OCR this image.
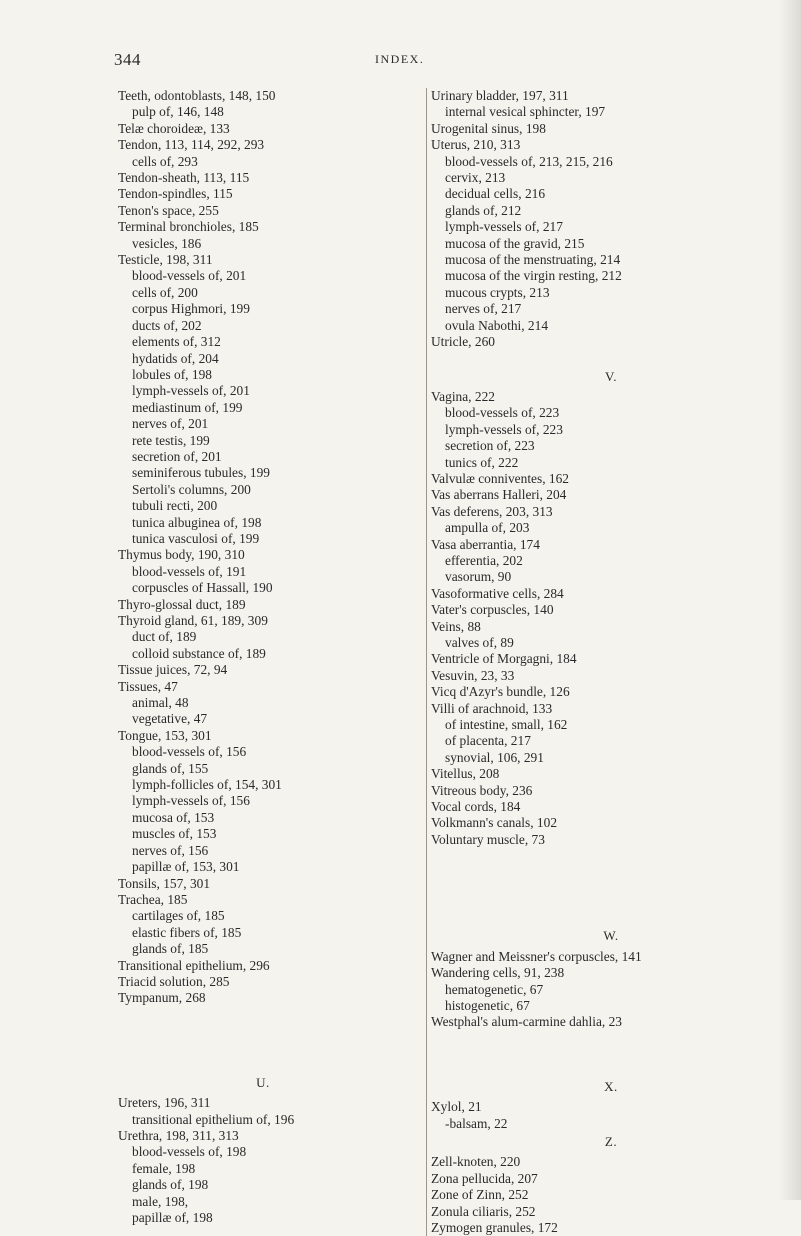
344	INDEX.
Teeth, odontoblasts, 148, 150
pulp of, 146, 148
Telæ choroideæ, 133
Tendon, 113, 114, 292, 293
cells of, 293
Tendon-sheath, 113, 115
Tendon-spindles, 115
Tenon's space, 255
Terminal bronchioles, 185
vesicles, 186
Testicle, 198, 311
blood-vessels of, 201
cells of, 200
corpus Highmori, 199
ducts of, 202
elements of, 312
hydatids of, 204
lobules of, 198
lymph-vessels of, 201
mediastinum of, 199
nerves of, 201
rete testis, 199
secretion of, 201
seminiferous tubules, 199
Sertoli's columns, 200
tubuli recti, 200
tunica albuginea of, 198
tunica vasculosi of, 199
Thymus body, 190, 310
blood-vessels of, 191
corpuscles of Hassall, 190
Thyro-glossal duct, 189
Thyroid gland, 61, 189, 309
duct of, 189
colloid substance of, 189
Tissue juices, 72, 94
Tissues, 47
animal, 48
vegetative, 47
Tongue, 153, 301
blood-vessels of, 156
glands of, 155
lymph-follicles of, 154, 301
lymph-vessels of, 156
mucosa of, 153
muscles of, 153
nerves of, 156
papillæ of, 153, 301
Tonsils, 157, 301
Trachea, 185
cartilages of, 185
elastic fibers of, 185
glands of, 185
Transitional epithelium, 296
Triacid solution, 285
Tympanum, 268
U.
Ureters, 196, 311
transitional epithelium of, 196
Urethra, 198, 311, 313
blood-vessels of, 198
female, 198
glands of, 198
male, 198,
papillæ of, 198
Urinary bladder, 197, 311
internal vesical sphincter, 197
Urogenital sinus, 198
Uterus, 210, 313
blood-vessels of, 213, 215, 216
cervix, 213
decidual cells, 216
glands of, 212
lymph-vessels of, 217
mucosa of the gravid, 215
mucosa of the menstruating, 214
mucosa of the virgin resting, 212
mucous crypts, 213
nerves of, 217
ovula Nabothi, 214
Utricle, 260
V.
Vagina, 222
blood-vessels of, 223
lymph-vessels of, 223
secretion of, 223
tunics of, 222
Valvulæ conniventes, 162
Vas aberrans Halleri, 204
Vas deferens, 203, 313
ampulla of, 203
Vasa aberrantia, 174
efferentia, 202
vasorum, 90
Vasoformative cells, 284
Vater's corpuscles, 140
Veins, 88
valves of, 89
Ventricle of Morgagni, 184
Vesuvin, 23, 33
Vicq d'Azyr's bundle, 126
Villi of arachnoid, 133
of intestine, small, 162
of placenta, 217
synovial, 106, 291
Vitellus, 208
Vitreous body, 236
Vocal cords, 184
Volkmann's canals, 102
Voluntary muscle, 73
W.
Wagner and Meissner's corpuscles, 141
Wandering cells, 91, 238
hematogenetic, 67
histogenetic, 67
Westphal's alum-carmine dahlia, 23
X.
Xylol, 21
-balsam, 22
Z.
Zell-knoten, 220
Zona pellucida, 207
Zone of Zinn, 252
Zonula ciliaris, 252
Zymogen granules, 172
